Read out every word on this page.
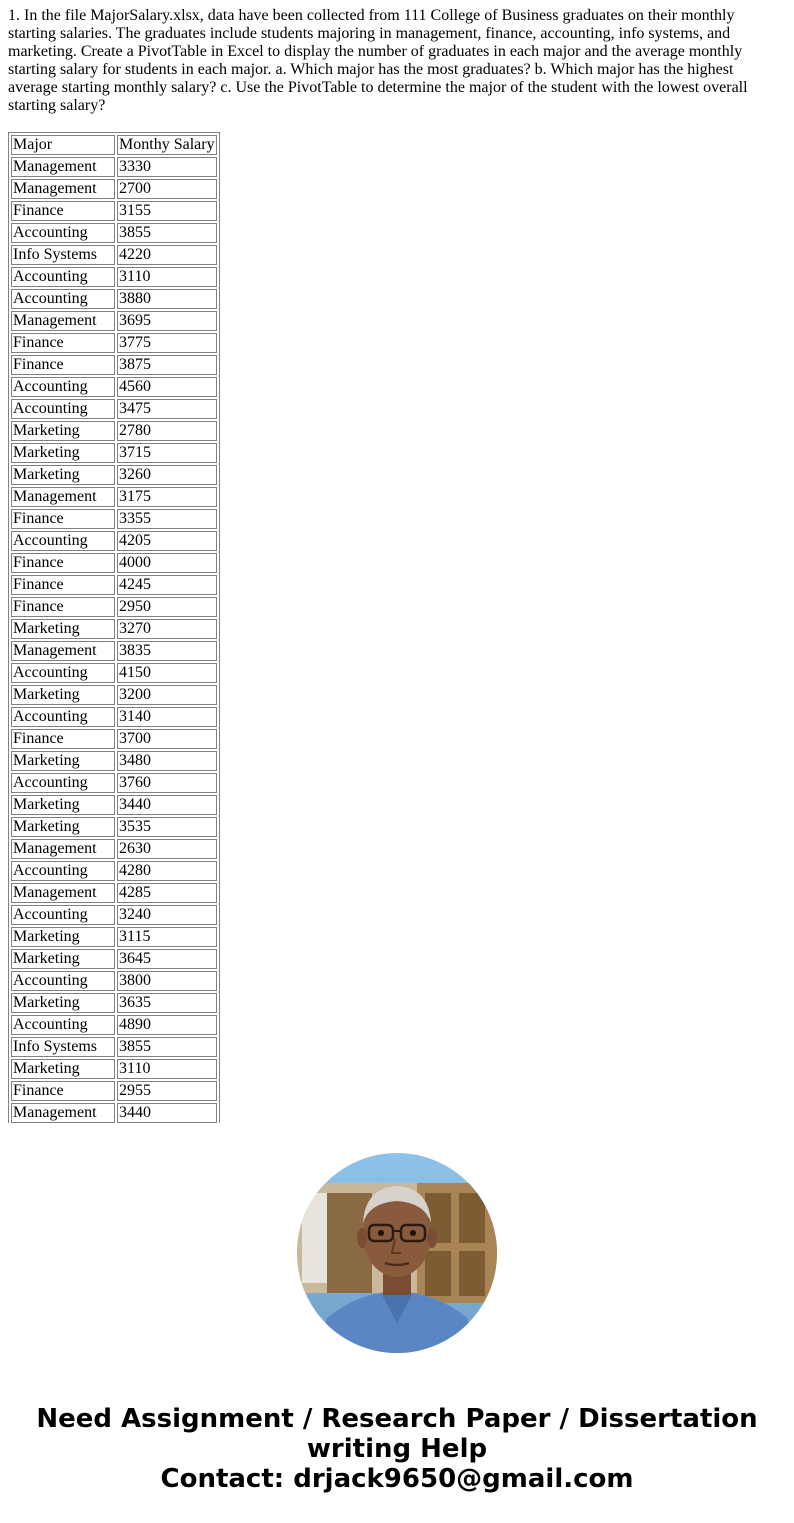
1. In the file MajorSalary.xlsx, data have been collected from 111 College of Business graduates on their monthly starting salaries. The graduates include students majoring in management, finance, accounting, info systems, and marketing. Create a PivotTable in Excel to display the number of graduates in each major and the average monthly starting salary for students in each major. a. Which major has the most graduates? b. Which major has the highest average starting monthly salary? c. Use the PivotTable to determine the major of the student with the lowest overall starting salary?

Major	Monthy Salary
Management	3330
Management	2700
Finance	3155
Accounting	3855
Info Systems	4220
Accounting	3110
Accounting	3880
Management	3695
Finance	3775
Finance	3875
Accounting	4560
Accounting	3475
Marketing	2780
Marketing	3715
Marketing	3260
Management	3175
Finance	3355
Accounting	4205
Finance	4000
Finance	4245
Finance	2950
Marketing	3270
Management	3835
Accounting	4150
Marketing	3200
Accounting	3140
Finance	3700
Marketing	3480
Accounting	3760
Marketing	3440
Marketing	3535
Management	2630
Accounting	4280
Management	4285
Accounting	3240
Marketing	3115
Marketing	3645
Accounting	3800
Marketing	3635
Accounting	4890
Info Systems	3855
Marketing	3110
Finance	2955
Management	3440
Need Assignment / Research Paper / Dissertation
writing Help
Contact: drjack9650@gmail.com
